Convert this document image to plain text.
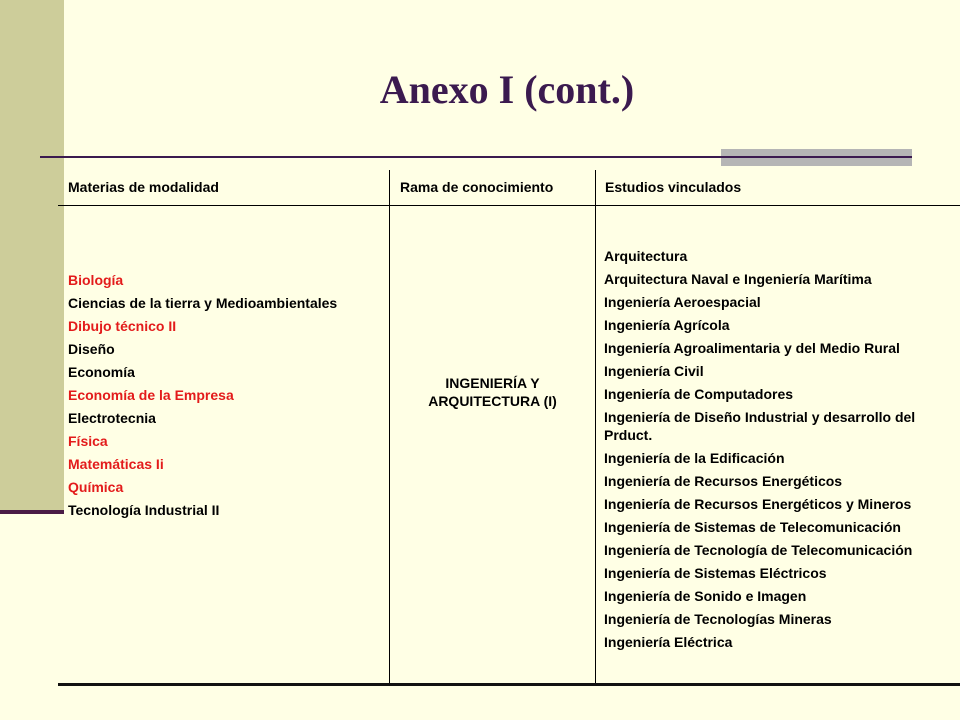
Anexo I (cont.)
Materias de modalidad
Biología
Ciencias de la tierra y Medioambientales
Dibujo técnico II
Diseño
Economía
Economía de la Empresa
Electrotecnia
Física
Matemáticas Ii
Química
Tecnología Industrial II
Rama de conocimiento
INGENIERÍA Y ARQUITECTURA (I)
Estudios vinculados
Arquitectura
Arquitectura Naval e Ingeniería Marítima
Ingeniería Aeroespacial
Ingeniería Agrícola
Ingeniería Agroalimentaria y del Medio Rural
Ingeniería Civil
Ingeniería de Computadores
Ingeniería de Diseño Industrial y desarrollo del Prduct.
Ingeniería de la Edificación
Ingeniería de Recursos Energéticos
Ingeniería de Recursos Energéticos y Mineros
Ingeniería de Sistemas de Telecomunicación
Ingeniería de Tecnología de Telecomunicación
Ingeniería de Sistemas Eléctricos
Ingeniería de Sonido e Imagen
Ingeniería de Tecnologías Mineras
Ingeniería Eléctrica
